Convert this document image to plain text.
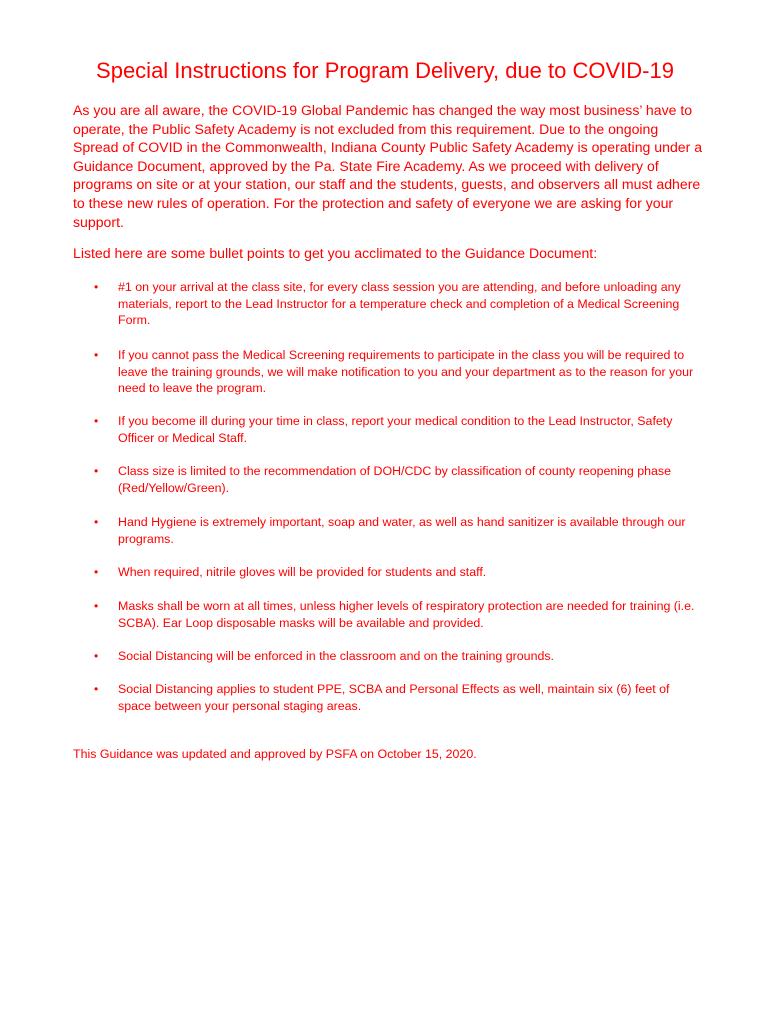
Special Instructions for Program Delivery, due to COVID-19

As you are all aware, the COVID-19 Global Pandemic has changed the way most business’ have to operate, the Public Safety Academy is not excluded from this requirement. Due to the ongoing Spread of COVID in the Commonwealth, Indiana County Public Safety Academy is operating under a Guidance Document, approved by the Pa. State Fire Academy. As we proceed with delivery of programs on site or at your station, our staff and the students, guests, and observers all must adhere to these new rules of operation. For the protection and safety of everyone we are asking for your support.

Listed here are some bullet points to get you acclimated to the Guidance Document:

• #1 on your arrival at the class site, for every class session you are attending, and before unloading any materials, report to the Lead Instructor for a temperature check and completion of a Medical Screening Form.
• If you cannot pass the Medical Screening requirements to participate in the class you will be required to leave the training grounds, we will make notification to you and your department as to the reason for your need to leave the program.
• If you become ill during your time in class, report your medical condition to the Lead Instructor, Safety Officer or Medical Staff.
• Class size is limited to the recommendation of DOH/CDC by classification of county reopening phase (Red/Yellow/Green).
• Hand Hygiene is extremely important, soap and water, as well as hand sanitizer is available through our programs.
• When required, nitrile gloves will be provided for students and staff.
• Masks shall be worn at all times, unless higher levels of respiratory protection are needed for training (i.e. SCBA). Ear Loop disposable masks will be available and provided.
• Social Distancing will be enforced in the classroom and on the training grounds.
• Social Distancing applies to student PPE, SCBA and Personal Effects as well, maintain six (6) feet of space between your personal staging areas.

This Guidance was updated and approved by PSFA on October 15, 2020.
